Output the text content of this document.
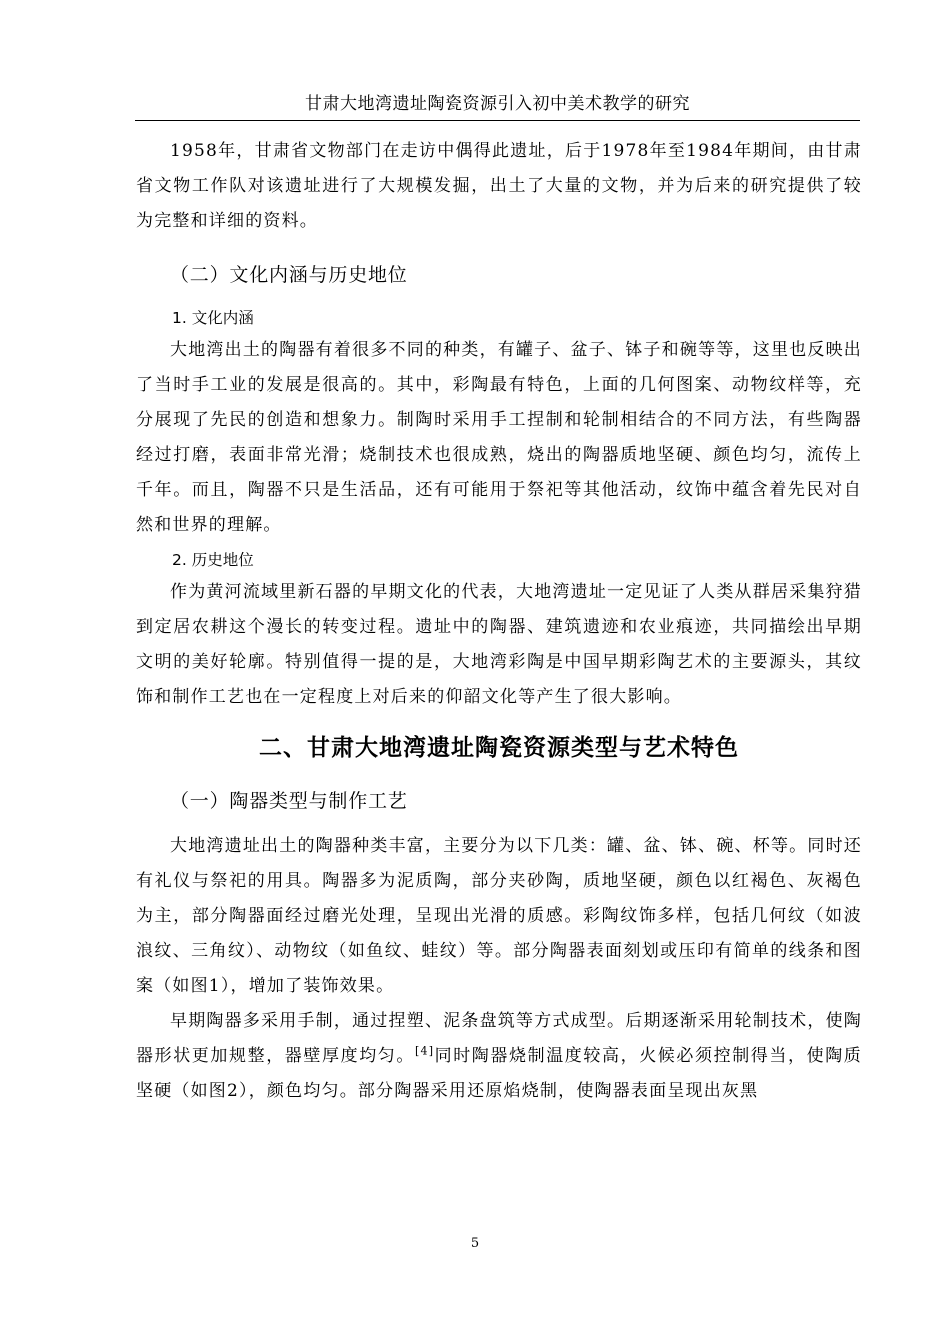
甘肃大地湾遗址陶瓷资源引入初中美术教学的研究

1958年，甘肃省文物部门在走访中偶得此遗址，后于1978年至1984年期间，由甘肃省文物工作队对该遗址进行了大规模发掘，出土了大量的文物，并为后来的研究提供了较为完整和详细的资料。

（二）文化内涵与历史地位
1. 文化内涵

大地湾出土的陶器有着很多不同的种类，有罐子、盆子、钵子和碗等等，这里也反映出了当时手工业的发展是很高的。其中，彩陶最有特色，上面的几何图案、动物纹样等，充分展现了先民的创造和想象力。制陶时采用手工捏制和轮制相结合的不同方法，有些陶器经过打磨，表面非常光滑；烧制技术也很成熟，烧出的陶器质地坚硬、颜色均匀，流传上千年。而且，陶器不只是生活品，还有可能用于祭祀等其他活动，纹饰中蕴含着先民对自然和世界的理解。

2. 历史地位

作为黄河流域里新石器的早期文化的代表，大地湾遗址一定见证了人类从群居采集狩猎到定居农耕这个漫长的转变过程。遗址中的陶器、建筑遗迹和农业痕迹，共同描绘出早期文明的美好轮廓。特别值得一提的是，大地湾彩陶是中国早期彩陶艺术的主要源头，其纹饰和制作工艺也在一定程度上对后来的仰韶文化等产生了很大影响。

二、甘肃大地湾遗址陶瓷资源类型与艺术特色
（一）陶器类型与制作工艺

大地湾遗址出土的陶器种类丰富，主要分为以下几类：罐、盆、钵、碗、杯等。同时还有礼仪与祭祀的用具。陶器多为泥质陶，部分夹砂陶，质地坚硬，颜色以红褐色、灰褐色为主，部分陶器面经过磨光处理，呈现出光滑的质感。彩陶纹饰多样，包括几何纹（如波浪纹、三角纹）、动物纹（如鱼纹、蛙纹）等。部分陶器表面刻划或压印有简单的线条和图案（如图1），增加了装饰效果。

早期陶器多采用手制，通过捏塑、泥条盘筑等方式成型。后期逐渐采用轮制技术，使陶器形状更加规整，器壁厚度均匀。[4]同时陶器烧制温度较高，火候必须控制得当，使陶质坚硬（如图2），颜色均匀。部分陶器采用还原焰烧制，使陶器表面呈现出灰黑

5
